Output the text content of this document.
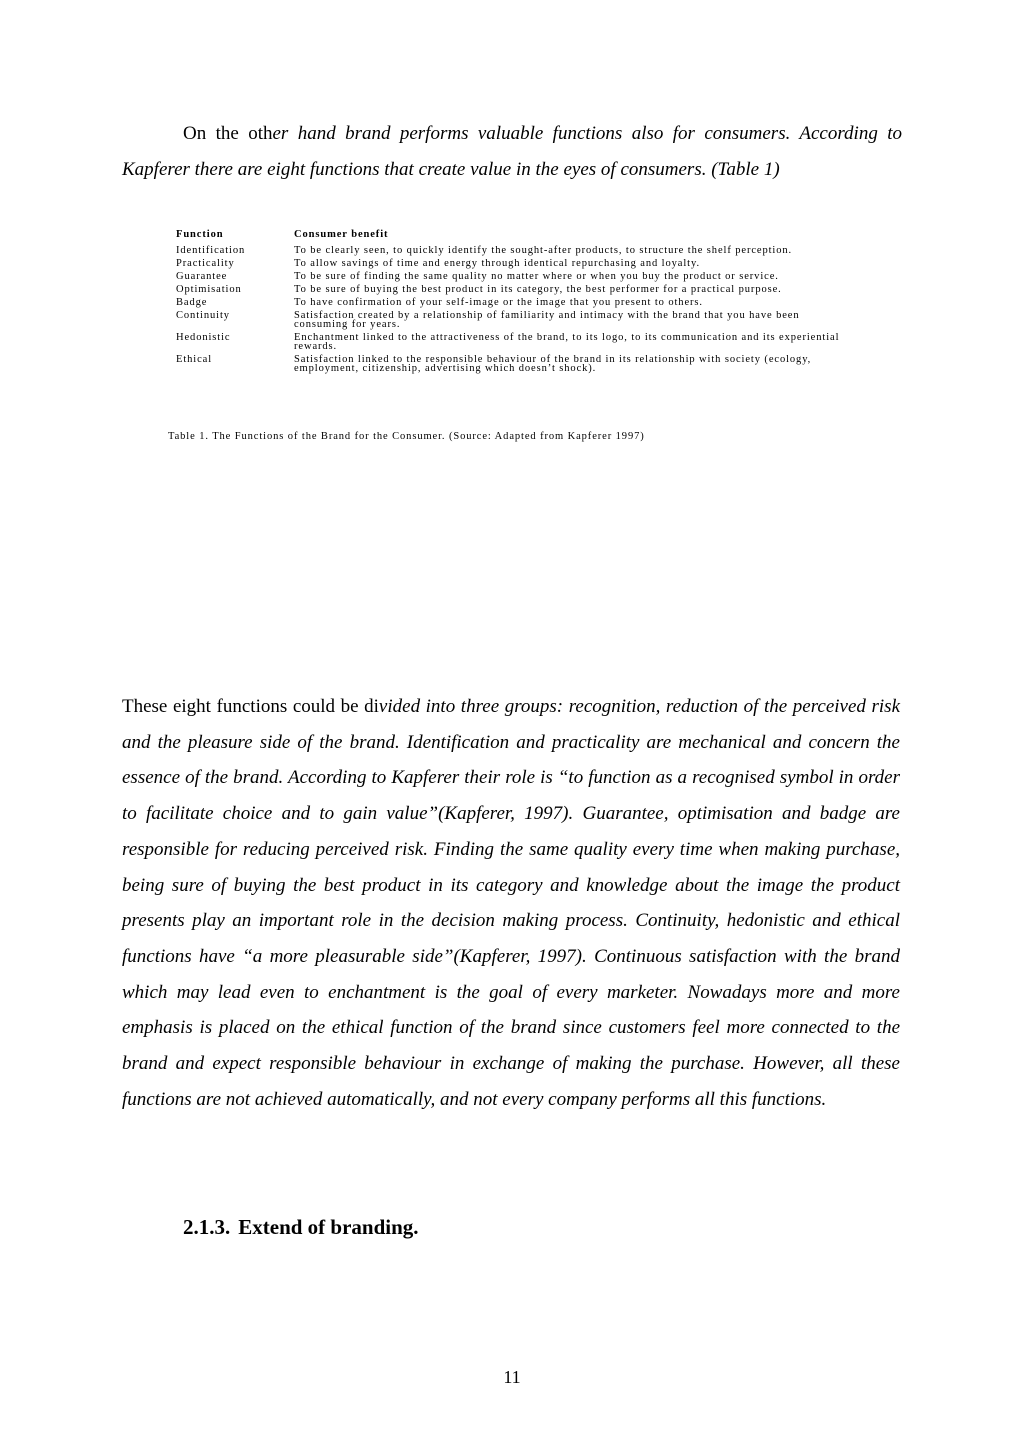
On the other hand brand performs valuable functions also for consumers. According to Kapferer there are eight functions that create value in the eyes of consumers. (Table 1)

Function	Consumer benefit
Identification	To be clearly seen, to quickly identify the sought-after products, to structure the shelf perception.
Practicality	To allow savings of time and energy through identical repurchasing and loyalty.
Guarantee	To be sure of finding the same quality no matter where or when you buy the product or service.
Optimisation	To be sure of buying the best product in its category, the best performer for a practical purpose.
Badge	To have confirmation of your self-image or the image that you present to others.
Continuity	Satisfaction created by a relationship of familiarity and intimacy with the brand that you have been consuming for years.
Hedonistic	Enchantment linked to the attractiveness of the brand, to its logo, to its communication and its experiential rewards.
Ethical	Satisfaction linked to the responsible behaviour of the brand in its relationship with society (ecology, employment, citizenship, advertising which doesn’t shock).

Table 1. The Functions of the Brand for the Consumer. (Source: Adapted from Kapferer 1997)

These eight functions could be divided into three groups: recognition, reduction of the perceived risk and the pleasure side of the brand. Identification and practicality are mechanical and concern the essence of the brand. According to Kapferer their role is “to function as a recognised symbol in order to facilitate choice and to gain value”(Kapferer, 1997). Guarantee, optimisation and badge are responsible for reducing perceived risk. Finding the same quality every time when making purchase, being sure of buying the best product in its category and knowledge about the image the product presents play an important role in the decision making process. Continuity, hedonistic and ethical functions have “a more pleasurable side”(Kapferer, 1997). Continuous satisfaction with the brand which may lead even to enchantment is the goal of every marketer. Nowadays more and more emphasis is placed on the ethical function of the brand since customers feel more connected to the brand and expect responsible behaviour in exchange of making the purchase. However, all these functions are not achieved automatically, and not every company performs all this functions.

2.1.3. Extend of branding.

11
